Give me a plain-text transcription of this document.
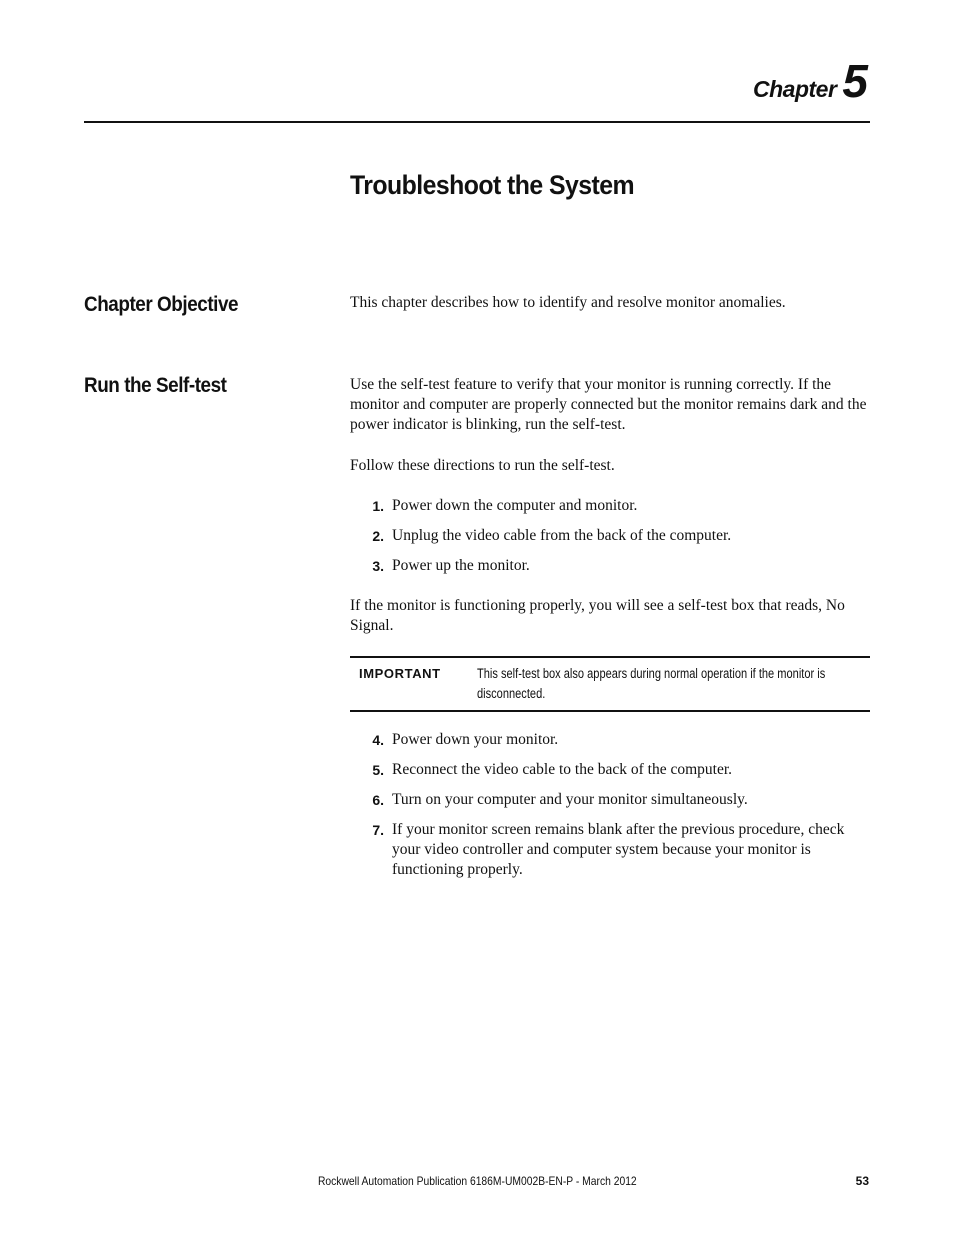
Chapter 5
Troubleshoot the System
Chapter Objective	This chapter describes how to identify and resolve monitor anomalies.

Run the Self-test	Use the self-test feature to verify that your monitor is running correctly. If the monitor and computer are properly connected but the monitor remains dark and the power indicator is blinking, run the self-test.

Follow these directions to run the self-test.

1. Power down the computer and monitor.
2. Unplug the video cable from the back of the computer.
3. Power up the monitor.

If the monitor is functioning properly, you will see a self-test box that reads, No Signal.

IMPORTANT	This self-test box also appears during normal operation if the monitor is disconnected.
4. Power down your monitor.
5. Reconnect the video cable to the back of the computer.
6. Turn on your computer and your monitor simultaneously.
7. If your monitor screen remains blank after the previous procedure, check your video controller and computer system because your monitor is functioning properly.
Rockwell Automation Publication 6186M-UM002B-EN-P - March 2012	53
